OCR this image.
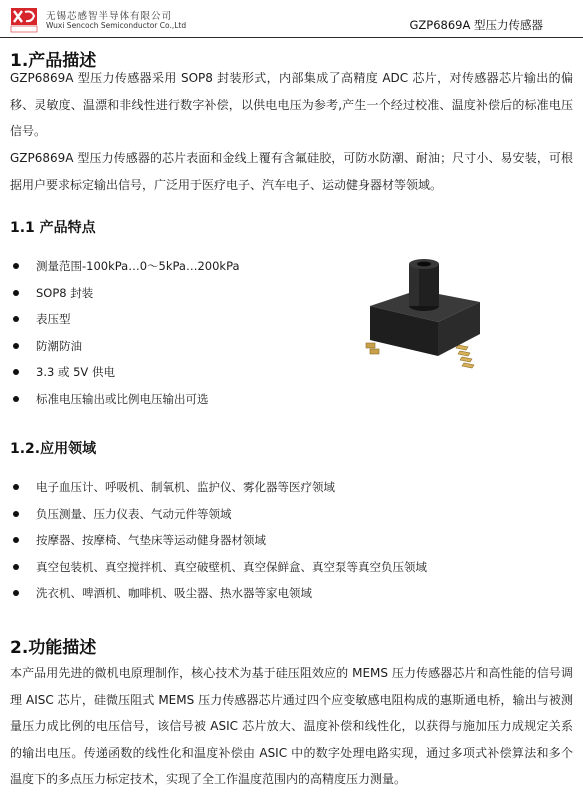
无锡芯感智半导体有限公司
Wuxi Sencoch Semiconductor Co.,Ltd	GZP6869A 型压力传感器
1.产品描述
GZP6869A 型压力传感器采用 SOP8 封装形式，内部集成了高精度 ADC 芯片，对传感器芯片输出的偏移、灵敏度、温漂和非线性进行数字补偿，以供电电压为参考,产生一个经过校准、温度补偿后的标准电压信号。
GZP6869A 型压力传感器的芯片表面和金线上覆有含氟硅胶，可防水防潮、耐油；尺寸小、易安装，可根据用户要求标定输出信号，广泛用于医疗电子、汽车电子、运动健身器材等领域。
1.1 产品特点
测量范围-100kPa…0～5kPa…200kPa
SOP8 封装
表压型
防潮防油
3.3 或 5V 供电
标准电压输出或比例电压输出可选
1.2.应用领域
电子血压计、呼吸机、制氧机、监护仪、雾化器等医疗领域
负压测量、压力仪表、气动元件等领域
按摩器、按摩椅、气垫床等运动健身器材领域
真空包装机、真空搅拌机、真空破壁机、真空保鲜盒、真空泵等真空负压领域
洗衣机、啤酒机、咖啡机、吸尘器、热水器等家电领域
2.功能描述
本产品用先进的微机电原理制作，核心技术为基于硅压阻效应的 MEMS 压力传感器芯片和高性能的信号调理 AISC 芯片，硅微压阻式 MEMS 压力传感器芯片通过四个应变敏感电阻构成的惠斯通电桥，输出与被测量压力成比例的电压信号，该信号被 ASIC 芯片放大、温度补偿和线性化，以获得与施加压力成规定关系的输出电压。传递函数的线性化和温度补偿由 ASIC 中的数字处理电路实现，通过多项式补偿算法和多个温度下的多点压力标定技术，实现了全工作温度范围内的高精度压力测量。
